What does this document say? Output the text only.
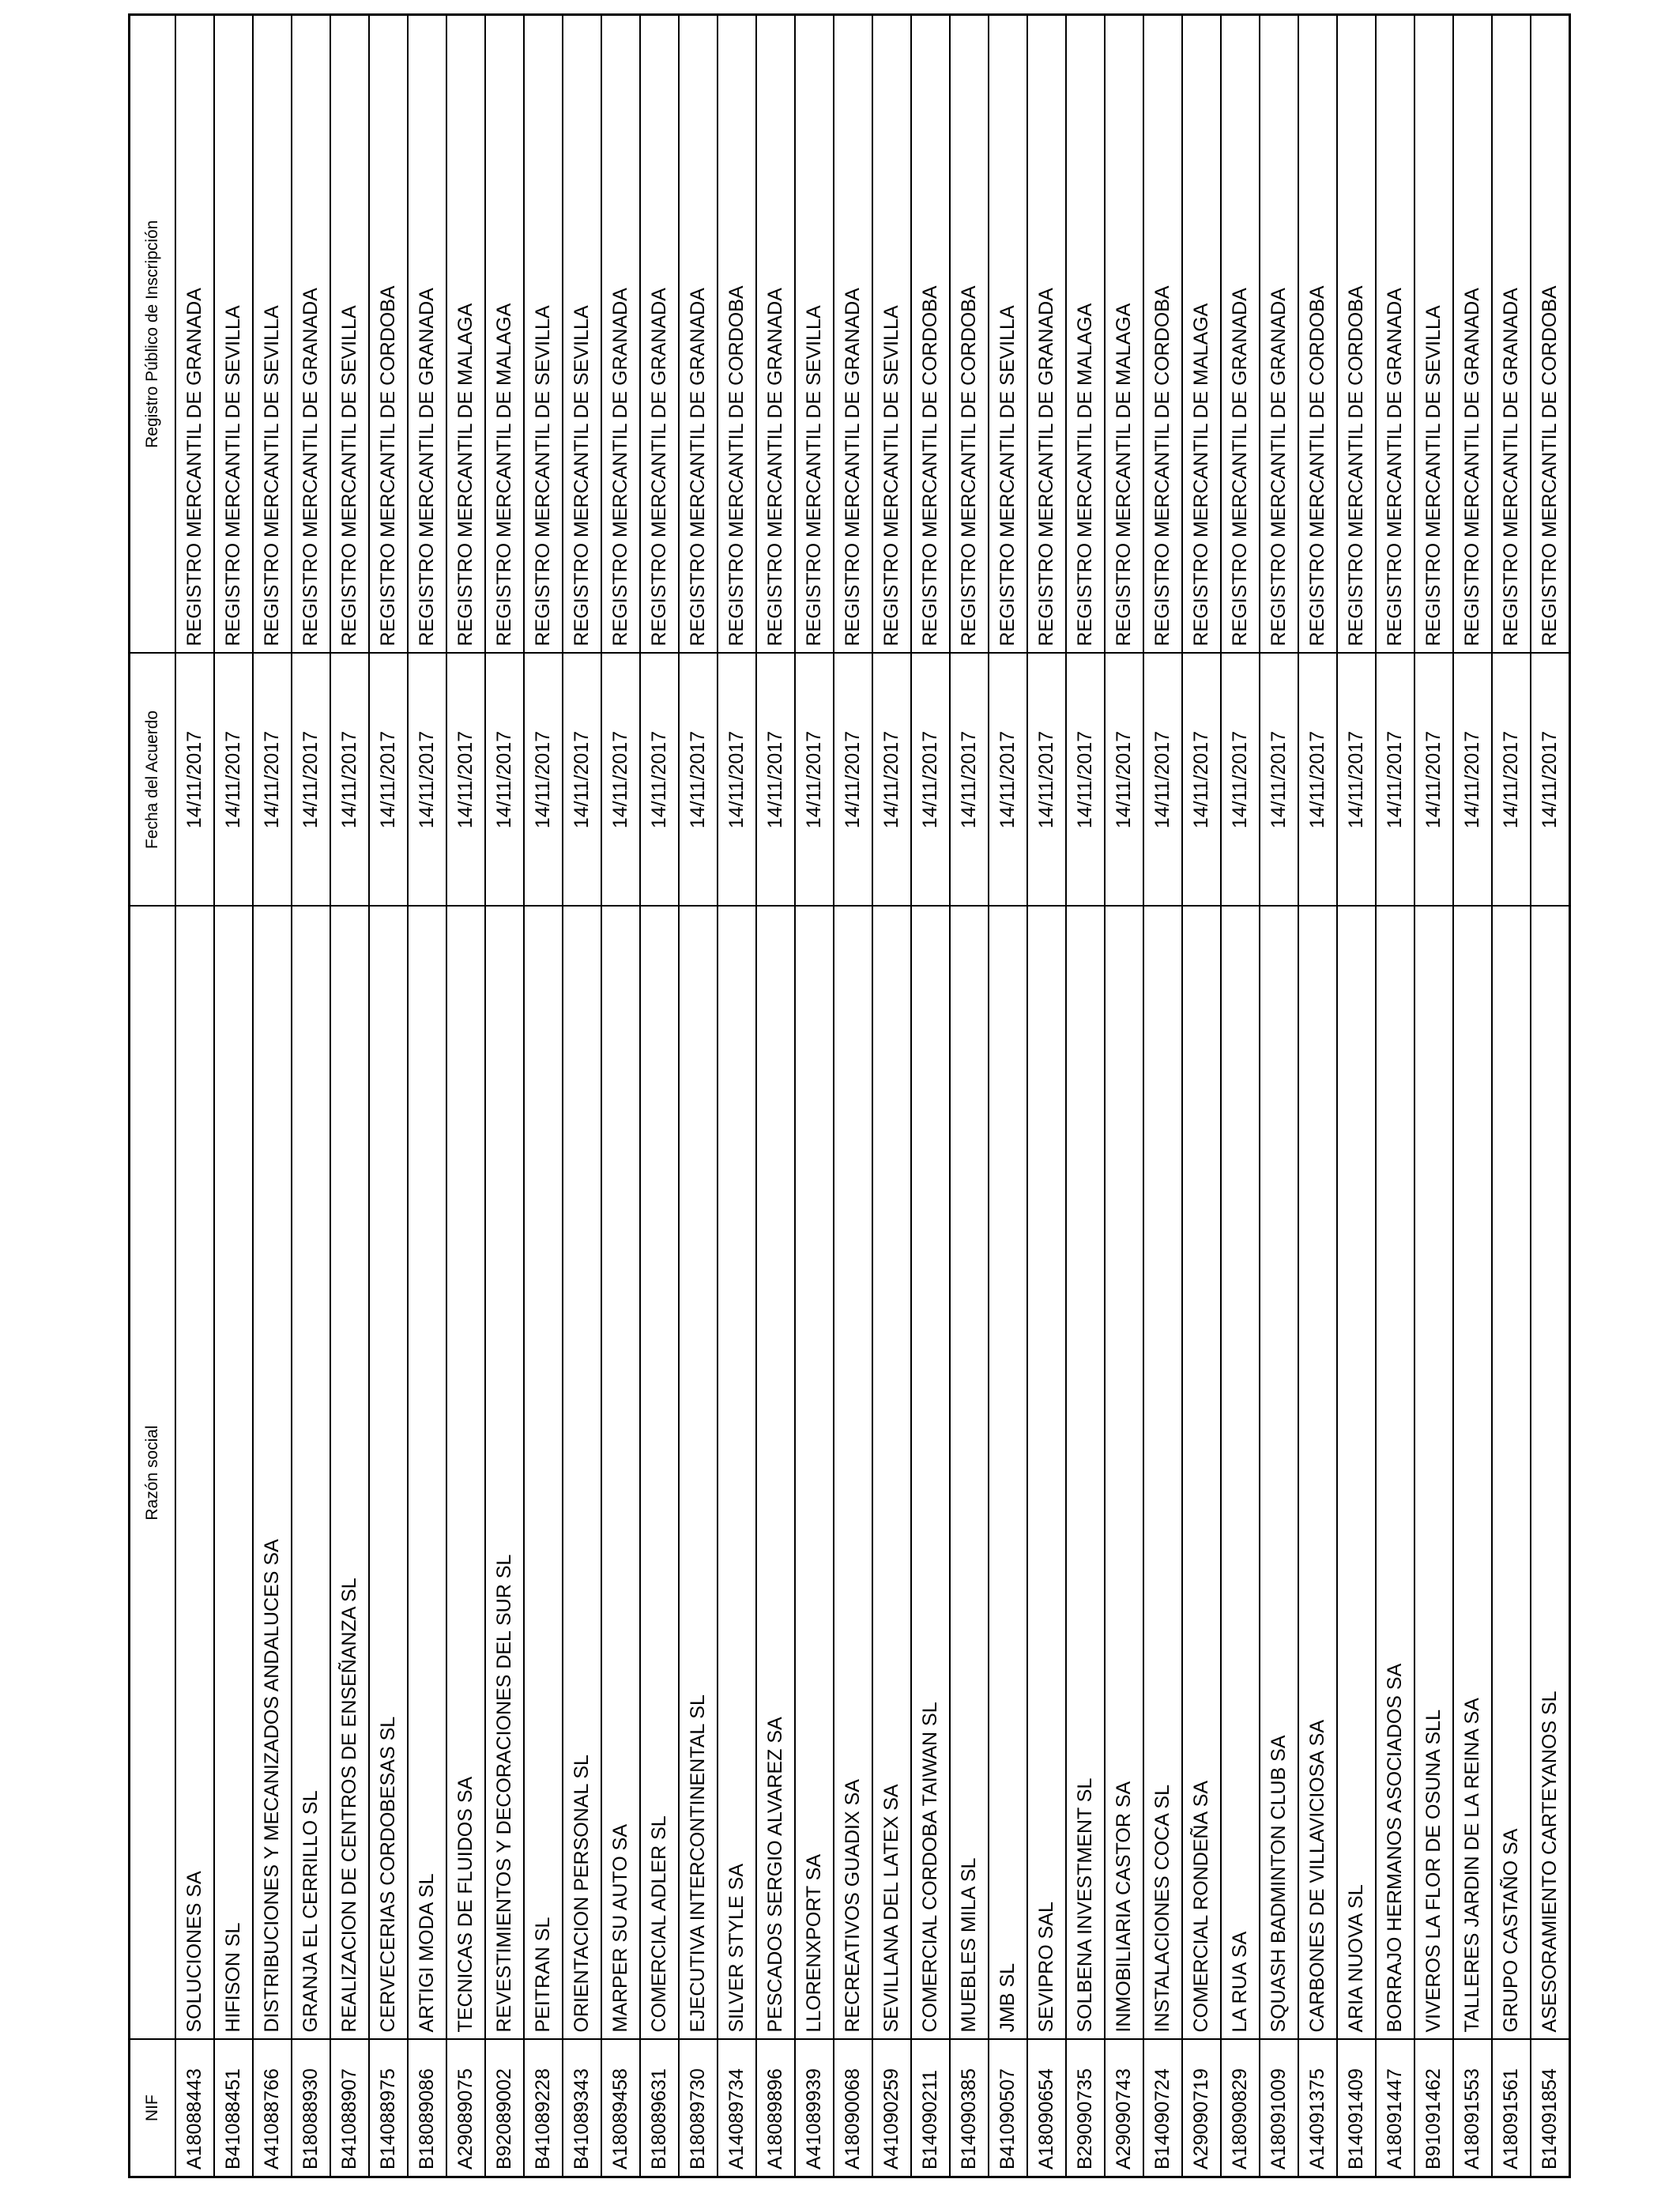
NIF	Razón social	Fecha del Acuerdo	Registro Público de Inscripción
A18088443	SOLUCIONES SA	14/11/2017	REGISTRO MERCANTIL DE GRANADA
B41088451	HIFISON SL	14/11/2017	REGISTRO MERCANTIL DE SEVILLA
A41088766	DISTRIBUCIONES Y MECANIZADOS ANDALUCES SA	14/11/2017	REGISTRO MERCANTIL DE SEVILLA
B18088930	GRANJA EL CERRILLO SL	14/11/2017	REGISTRO MERCANTIL DE GRANADA
B41088907	REALIZACION DE CENTROS DE ENSEÑANZA SL	14/11/2017	REGISTRO MERCANTIL DE SEVILLA
B14088975	CERVECERIAS CORDOBESAS SL	14/11/2017	REGISTRO MERCANTIL DE CORDOBA
B18089086	ARTIGI MODA SL	14/11/2017	REGISTRO MERCANTIL DE GRANADA
A29089075	TECNICAS DE FLUIDOS SA	14/11/2017	REGISTRO MERCANTIL DE MALAGA
B92089002	REVESTIMIENTOS Y DECORACIONES DEL SUR SL	14/11/2017	REGISTRO MERCANTIL DE MALAGA
B41089228	PEITRAN SL	14/11/2017	REGISTRO MERCANTIL DE SEVILLA
B41089343	ORIENTACION PERSONAL SL	14/11/2017	REGISTRO MERCANTIL DE SEVILLA
A18089458	MARPER SU AUTO SA	14/11/2017	REGISTRO MERCANTIL DE GRANADA
B18089631	COMERCIAL ADLER SL	14/11/2017	REGISTRO MERCANTIL DE GRANADA
B18089730	EJECUTIVA INTERCONTINENTAL SL	14/11/2017	REGISTRO MERCANTIL DE GRANADA
A14089734	SILVER STYLE SA	14/11/2017	REGISTRO MERCANTIL DE CORDOBA
A18089896	PESCADOS SERGIO ALVAREZ SA	14/11/2017	REGISTRO MERCANTIL DE GRANADA
A41089939	LLORENXPORT SA	14/11/2017	REGISTRO MERCANTIL DE SEVILLA
A18090068	RECREATIVOS GUADIX SA	14/11/2017	REGISTRO MERCANTIL DE GRANADA
A41090259	SEVILLANA DEL LATEX SA	14/11/2017	REGISTRO MERCANTIL DE SEVILLA
B14090211	COMERCIAL CORDOBA TAIWAN SL	14/11/2017	REGISTRO MERCANTIL DE CORDOBA
B14090385	MUEBLES MILA SL	14/11/2017	REGISTRO MERCANTIL DE CORDOBA
B41090507	JMB SL	14/11/2017	REGISTRO MERCANTIL DE SEVILLA
A18090654	SEVIPRO SAL	14/11/2017	REGISTRO MERCANTIL DE GRANADA
B29090735	SOLBENA INVESTMENT SL	14/11/2017	REGISTRO MERCANTIL DE MALAGA
A29090743	INMOBILIARIA CASTOR SA	14/11/2017	REGISTRO MERCANTIL DE MALAGA
B14090724	INSTALACIONES COCA SL	14/11/2017	REGISTRO MERCANTIL DE CORDOBA
A29090719	COMERCIAL RONDEÑA SA	14/11/2017	REGISTRO MERCANTIL DE MALAGA
A18090829	LA RUA SA	14/11/2017	REGISTRO MERCANTIL DE GRANADA
A18091009	SQUASH BADMINTON CLUB SA	14/11/2017	REGISTRO MERCANTIL DE GRANADA
A14091375	CARBONES DE VILLAVICIOSA SA	14/11/2017	REGISTRO MERCANTIL DE CORDOBA
B14091409	ARIA NUOVA SL	14/11/2017	REGISTRO MERCANTIL DE CORDOBA
A18091447	BORRAJO HERMANOS ASOCIADOS SA	14/11/2017	REGISTRO MERCANTIL DE GRANADA
B91091462	VIVEROS LA FLOR DE OSUNA SLL	14/11/2017	REGISTRO MERCANTIL DE SEVILLA
A18091553	TALLERES JARDIN DE LA REINA SA	14/11/2017	REGISTRO MERCANTIL DE GRANADA
A18091561	GRUPO CASTAÑO SA	14/11/2017	REGISTRO MERCANTIL DE GRANADA
B14091854	ASESORAMIENTO CARTEYANOS SL	14/11/2017	REGISTRO MERCANTIL DE CORDOBA
